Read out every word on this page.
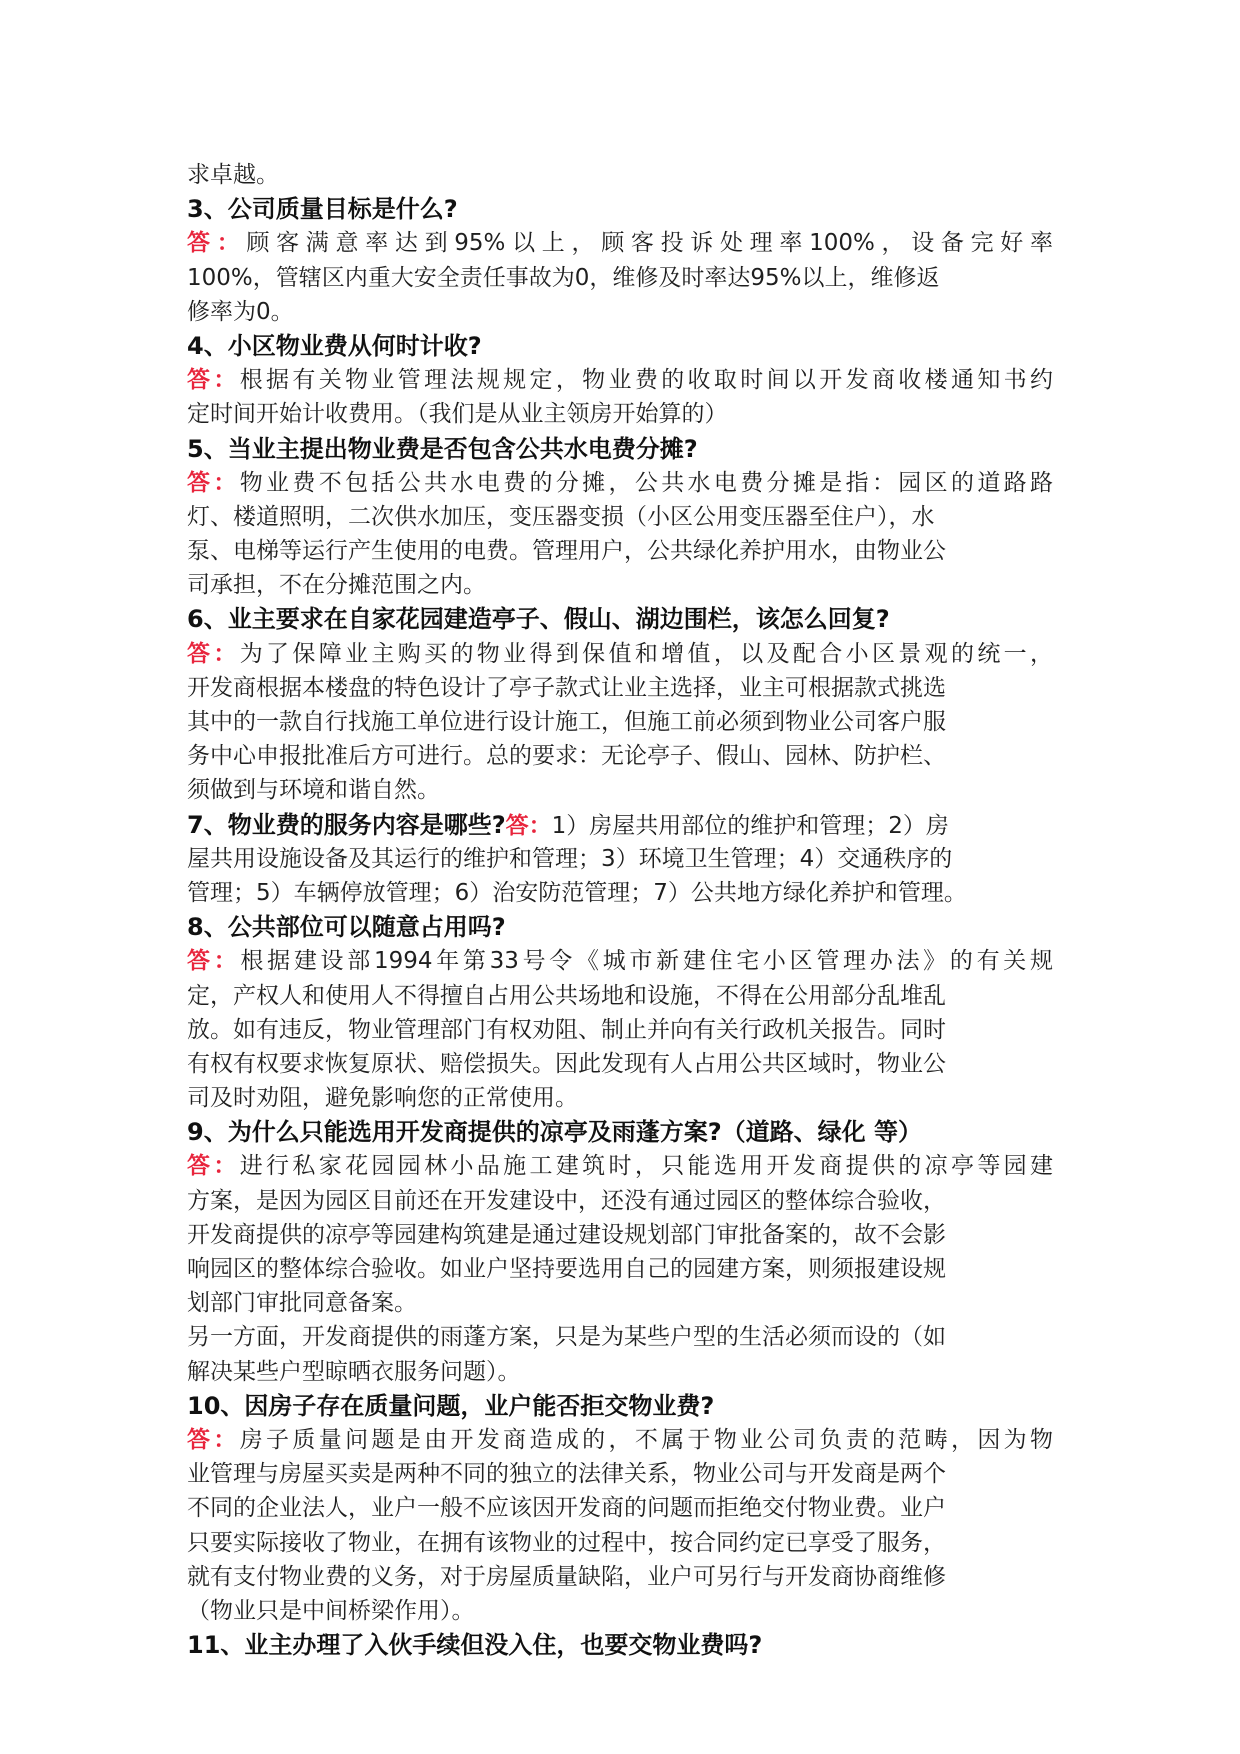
求卓越。
3、公司质量目标是什么?
答：顾客满意率达到95%以上，顾客投诉处理率100%，设备完好率
100%，管辖区内重大安全责任事故为0，维修及时率达95%以上，维修返
修率为0。
4、小区物业费从何时计收?
答：根据有关物业管理法规规定，物业费的收取时间以开发商收楼通知书约
定时间开始计收费用。（我们是从业主领房开始算的）
5、当业主提出物业费是否包含公共水电费分摊?
答：物业费不包括公共水电费的分摊，公共水电费分摊是指：园区的道路路
灯、楼道照明，二次供水加压，变压器变损（小区公用变压器至住户），水
泵、电梯等运行产生使用的电费。管理用户，公共绿化养护用水，由物业公
司承担，不在分摊范围之内。
6、业主要求在自家花园建造亭子、假山、湖边围栏，该怎么回复?
答：为了保障业主购买的物业得到保值和增值，以及配合小区景观的统一，
开发商根据本楼盘的特色设计了亭子款式让业主选择，业主可根据款式挑选
其中的一款自行找施工单位进行设计施工，但施工前必须到物业公司客户服
务中心申报批准后方可进行。总的要求：无论亭子、假山、园林、防护栏、
须做到与环境和谐自然。
7、物业费的服务内容是哪些?答：1）房屋共用部位的维护和管理；2）房
屋共用设施设备及其运行的维护和管理；3）环境卫生管理；4）交通秩序的
管理；5）车辆停放管理；6）治安防范管理；7）公共地方绿化养护和管理。
8、公共部位可以随意占用吗?
答：根据建设部1994年第33号令《城市新建住宅小区管理办法》的有关规
定，产权人和使用人不得擅自占用公共场地和设施，不得在公用部分乱堆乱
放。如有违反，物业管理部门有权劝阻、制止并向有关行政机关报告。同时
有权有权要求恢复原状、赔偿损失。因此发现有人占用公共区域时，物业公
司及时劝阻，避免影响您的正常使用。
9、为什么只能选用开发商提供的凉亭及雨蓬方案?（道路、绿化 等）
答：进行私家花园园林小品施工建筑时，只能选用开发商提供的凉亭等园建
方案，是因为园区目前还在开发建设中，还没有通过园区的整体综合验收，
开发商提供的凉亭等园建构筑建是通过建设规划部门审批备案的，故不会影
响园区的整体综合验收。如业户坚持要选用自己的园建方案，则须报建设规
划部门审批同意备案。
另一方面，开发商提供的雨蓬方案，只是为某些户型的生活必须而设的（如
解决某些户型晾晒衣服务问题）。
10、因房子存在质量问题，业户能否拒交物业费?
答：房子质量问题是由开发商造成的，不属于物业公司负责的范畴，因为物
业管理与房屋买卖是两种不同的独立的法律关系，物业公司与开发商是两个
不同的企业法人，业户一般不应该因开发商的问题而拒绝交付物业费。业户
只要实际接收了物业，在拥有该物业的过程中，按合同约定已享受了服务，
就有支付物业费的义务，对于房屋质量缺陷，业户可另行与开发商协商维修
（物业只是中间桥梁作用）。
11、业主办理了入伙手续但没入住，也要交物业费吗?
